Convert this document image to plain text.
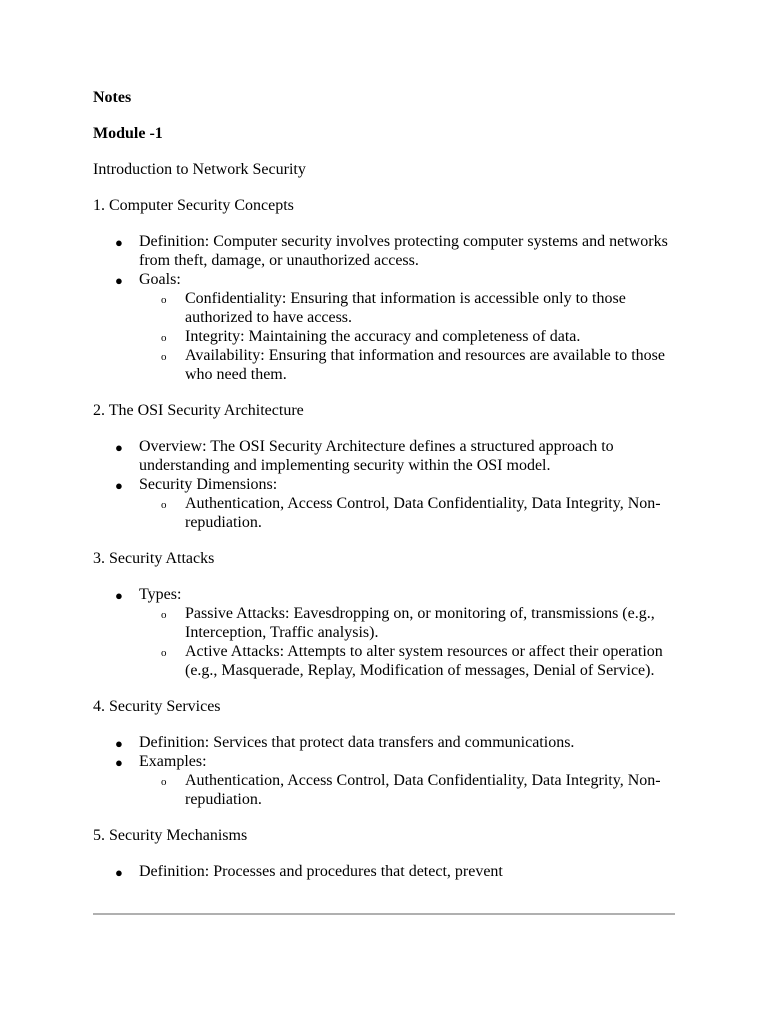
Notes

Module -1

Introduction to Network Security

1. Computer Security Concepts

● Definition: Computer security involves protecting computer systems and networks from theft, damage, or unauthorized access.
● Goals:
o Confidentiality: Ensuring that information is accessible only to those authorized to have access.
o Integrity: Maintaining the accuracy and completeness of data.
o Availability: Ensuring that information and resources are available to those who need them.

2. The OSI Security Architecture

● Overview: The OSI Security Architecture defines a structured approach to understanding and implementing security within the OSI model.
● Security Dimensions:
o Authentication, Access Control, Data Confidentiality, Data Integrity, Non-repudiation.

3. Security Attacks

● Types:
o Passive Attacks: Eavesdropping on, or monitoring of, transmissions (e.g., Interception, Traffic analysis).
o Active Attacks: Attempts to alter system resources or affect their operation (e.g., Masquerade, Replay, Modification of messages, Denial of Service).

4. Security Services

● Definition: Services that protect data transfers and communications.
● Examples:
o Authentication, Access Control, Data Confidentiality, Data Integrity, Non-repudiation.

5. Security Mechanisms

● Definition: Processes and procedures that detect, prevent
